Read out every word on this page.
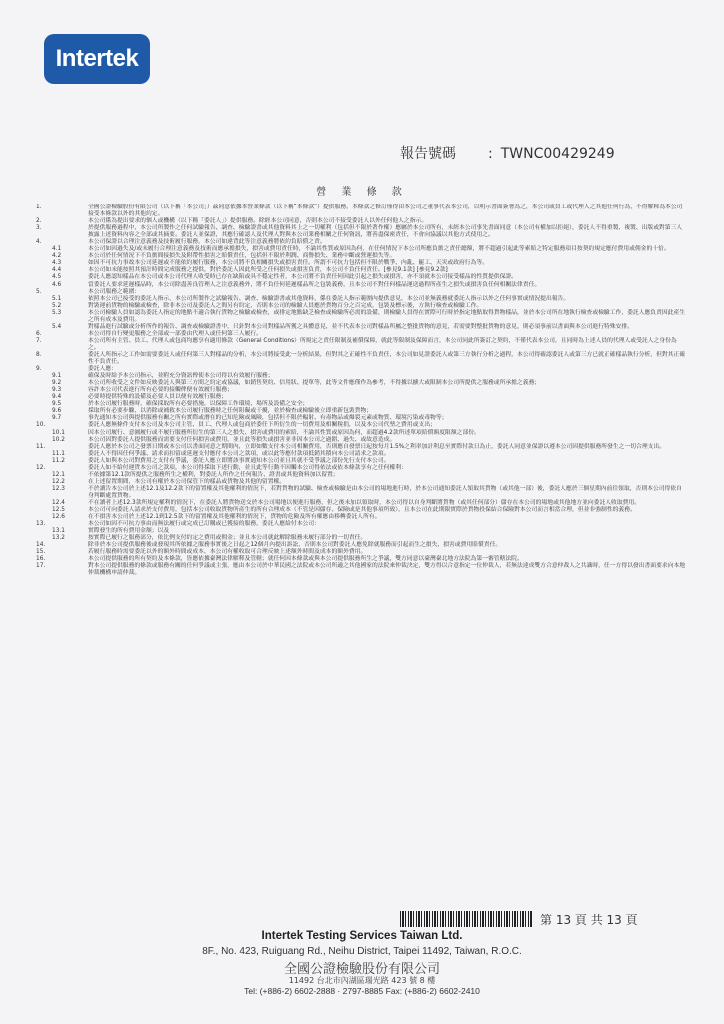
Intertek
報告號碼 : TWNC00429249
營 業 條 款
1.	全國公證檢驗股份有限公司（以下稱「本公司」）茲同意依據本營業條款（以下稱“本條款”）提供服務，本條款之修訂僅得由本公司之董事代表本公司，以明示書面簽署為之，本公司或員工或代理人之其他任何行為，不得解釋為本公司接受本條款以外的其他約定。
2.	本公司係為提出要求的個人或機構（以下稱「委託人」）提供服務。除經本公司同意，否則本公司不接受委託人以外任何他人之指示。
3.	於提供服務過程中，本公司所製作之任何試驗報告、調查、檢驗證書或其他資料其上之一切權利（包括但不限於著作權）應屬於本公司所有，未經本公司事先書面同意（本公司有權加以拒絕），委託人不得重製、複製、出版或對第三人披露上述資料內容之全部或其摘要。委託人並保證，其應行確認人及代理人對與本公司業務相關之任何資訊，將善盡保密責任，不會向協議以其他方式使用之。
4.	本公司保證以合理注意義務及技術履行服務，本公司如違背此等注意義務將依約負賠償之責。
4.1	本公司如因過失及/或未履行合理注意義務及技術而應承擔損失，損害或費用責任時，不論其性質或原因為何，在任何情況下本公司所應負擔之責任總額，將不超過引起此等索賠之特定服務項目按契約規定應付費用或佣金的十倍。
4.2	本公司於任何情況下不負擔間接損失及附帶性損害之賠償責任，包括但不限於利潤、商譽損失、業務中斷或營運損失等。
4.3	如因不可抗力事故本公司延遲或不能依約履行服務，本公司將不負相關損失或損害責任。所謂不可抗力包括但不限於戰爭、內亂、罷工、天災或政府行為等。
4.4	本公司如未能按照其預計時間完成服務之提供，對於委託人因此所受之任何損失或損害負責，本公司不負任何責任。[參見9.1款] [參見9.2款]
4.5	委託人應認知樣品在本公司或本公司代理人收受時已存在缺陷或具不穩定性者，本公司將不負責任何因此引起之損失或損害，亦不須就本公司接受樣品的性質提供保證。
4.6	當委託人要求延遲樣品時，本公司除盡善良管理人之注意義務外，將不負任何延遲樣品所之包裝義務，且本公司不對任何樣品運送過程所產生之損失或損害負任何相關法律責任。
5.	本公司服務之範圍：
5.1	依照本公司已接受的委託人指示，本公司所製作之試驗報告、調查、檢驗證書或其他資料，係在委託人指示範圍內提供意見，本公司並無義務就委託人指示以外之任何事實或情況提出報告。
5.2	對裝運前貨物的檢驗或檢查，除非本公司及委託人之間另有約定，否則本公司的檢驗人員應於貨物百分之百完成，包裝及標示後，方執行檢查或檢驗工作。
5.3	本公司檢驗人員如認為委託人指定的地點不適合執行貨物之檢驗或檢查，或排定地點缺乏檢查或檢驗所必需的設備，則檢驗人員得在實際可行時於指定地點取得貨物樣品，並於本公司所在地執行檢查或檢驗工作，委託人應負責因此產生之所有成本及費用。
5.4	對樣品進行試驗或分析所作的報告、調查或檢驗證書中，只針對本公司對樣品所獲之具體意見，並不代表本公司對樣品所屬之整批貨物的意見，若需要對整批貨物的意見，則必須事前以書面與本公司進行特殊安排。
6.	本公司得自行變更服務之全部或一部委由代理人或任何第三人履行。
7.	本公司所有主管、員工、代理人或包商均應享有適用條款（General Conditions）所規定之責任限制及補償保障，就此等限制及保障而言，本公司同此所簽訂之契約，不僅代表本公司，且同時為上述人員的代理人或受託人之身份為之。
8.	委託人所指示之工作如需要委託人或任何第三人對樣品的分析，本公司將接受此一分析結果，但對其之正確性不負責任，本公司如見證委託人或第三方執行分析之過程，本公司得確認委託人或第三方已就正確樣品執行分析，但對其正確性不負責任。
9.	委託人應：
9.1	確保及時給予本公司指示，並附充分資訊俾使本公司得以有效履行服務；
9.2	本公司所收受之文件如反映委託人與第三方間之約定或協議，如銷售契約、信用狀、提單等，此等文件應僅作為參考，不得據以擴大或限制本公司所提供之服務或所承擔之義務；
9.3	容許本公司代表進行所有必要的接觸俾便有效履行服務；
9.4	必要時提供特殊的設備及必要人員以便有效履行服務；
9.5	於本公司履行服務時，確保採取所有必要措施，以保障工作環境、場所及設備之安全；
9.6	採取所有必要步驟，以消除或補救本公司履行服務時之任何阻礙或干擾，並於檢查或檢驗後立即重新包裝貨物；
9.7	事先通知本公司與提供服務有關之所有實際或潛在的已知危險或風險，包括但不限於輻射、有毒物品或爆裂元素或物質、環境污染或毒物等；
10.	委託人應無條件支付本公司及本公司主管、員工、代理人或包商於委任下所衍生的一切費用及相關稅捐，以及本公司代墊之費用或支出；
10.1	因本公司履行、意圖履行或不履行服務所衍生的第三人之損失、損害或費用的索賠，不論其性質或原因為何，而超過4.2款所述單項賠償額度限額之部份。
10.2	本公司因對委託人提供服務而需要支付任何損害或費用，並且此等損失或損害並非因本公司之過錯、過失、或故意造成。
11.	委託人應於本公司之發票日期或本公司以書面同意之期間內，立即如數支付本公司相關費用，否則應自發票日起按每月1.5%之利率加計利息至實際付款日為止，委託人同意並保證以遵本公司因提供服務所發生之一切合理支出。
11.1	委託人不得因任何爭議、請求而扣留或延遲支付應付本公司之款項，或以此等應付款項抵銷其積向本公司請求之款項。
11.2	委託人如與本公司對費用之支付有爭議，委託人應立即將該事實通知本公司並且其就不受爭議之部份先行支付本公司。
12.	委託人如不給付運貨本公司之款項，本公司得採取下述行動，並且此等行動不因觸本公司得依法或依本條款享有之任何權利：
12.1	不依據第12.1款所提供之服務所生之權利，對委託人所作之任何報告、證書或其他資料加以留置；
12.2	在上述留置期間，本公司有權於本公司保管下的樣品或貨物及其他的留置權。
12.3	不於讀告本公司於上述12.1及12.2款下的留置權及其他權利的情況下，若對貨物的試驗、檢查或檢驗是由本公司的場地進行時，於本公司通知委託人領取其貨物（或其他一部）後，委託人應於三個星期內前往領取，否則本公司得依自身判斷處置貨物。
12.4	不在讀者上述12.3款所規定權利的情況下，在委託人將貨物送交於本公司場地以便進行服務，但之後未加以領取時，本公司得以自身判斷將貨物（或其任何部分）儲存在本公司的場地或其他地方並向委託人收取費用。
12.5	本公司可向委託人請求於支付費用，包括本公司收取貨物所產生的所有合理成本（不管是因儲存、保險或是其他事項所致），且本公司在此期限實際於貨物投保結合保險對本公司而言相當合理，但並非強制性的義務。
12.6	在不損害本公司於上述12.1到12.5款下的留置權及其他權利的情況下，貨物的危險及所有權應由移轉委託人所有。
13.	本公司如因不可抗力事由而無法履行或完成已訂購或已獲接的服務，委託人應給付本公司：
13.1	實際發生的所有費用金額；以及
13.2	按實際已履行之服務部分，依比例支付約定之費用或佣金；並且本公司就此解除服務未履行部分的一切責任。
14.	除非於本公司提供服務後或發現其所依據之服務事實後之日起之12個月內提出訴訟，否則本公司對委託人應免除就服務而引起而生之損失、損害或費用賠償責任。
15.	若履行服務時需要委託以外的額外時間或成本，本公司有權收取可合理反映上述額外時間及成本的額外費用。
16.	本公司提供服務的所有契約及本條款，皆應依據臺灣法律解釋及管轄；就任何因本條款或與本公司提供服務所生之爭議，雙方同意以臺灣臺北地方法院為第一審管轄法院。
17.	對本公司提供服務的條款或服務有關的任何爭議或主張，應由本公司於中華民國之法院或本公司所適之其他國家的法院來仲裁決定，雙方得以合意指定一位仲裁人，若無法達成雙方合意仲裁人之共識時，任一方得以發出書面要求向本地仲裁機構申請仲裁。
第 13 頁 共 13 頁
Intertek Testing Services Taiwan Ltd.
8F., No. 423, Ruiguang Rd., Neihu District, Taipei 11492, Taiwan, R.O.C.
全國公證檢驗股份有限公司
11492 台北市內湖區瑞光路 423 號 8 樓
Tel: (+886-2) 6602-2888 · 2797-8885 Fax: (+886-2) 6602-2410
